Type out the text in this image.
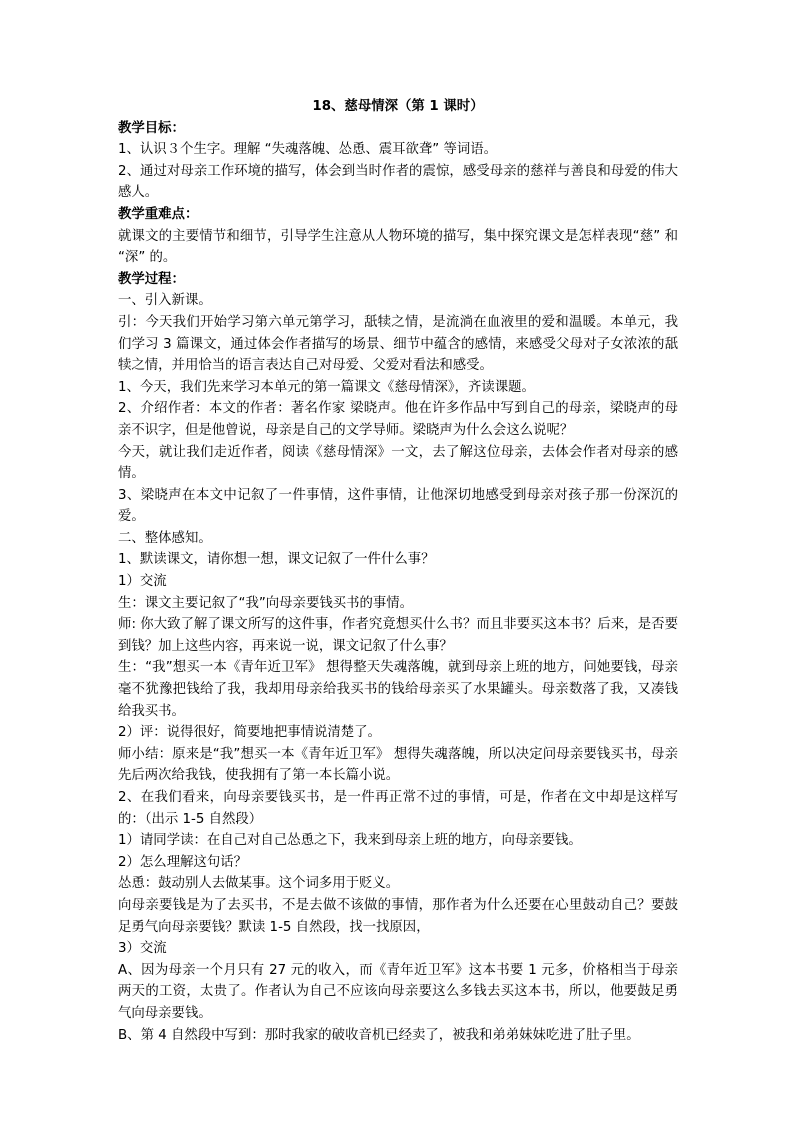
18、慈母情深（第 1 课时）

教学目标：

1、认识３个生字。理解 “失魂落魄、怂恿、震耳欲聋” 等词语。

2、通过对母亲工作环境的描写，体会到当时作者的震惊，感受母亲的慈祥与善良和母爱的伟大感人。

教学重难点：

就课文的主要情节和细节，引导学生注意从人物环境的描写，集中探究课文是怎样表现“慈” 和 “深” 的。

教学过程：

一、引入新课。

引：今天我们开始学习第六单元第学习，舐犊之情，是流淌在血液里的爱和温暖。本单元，我们学习 3 篇课文，通过体会作者描写的场景、细节中蕴含的感情，来感受父母对子女浓浓的舐犊之情，并用恰当的语言表达自己对母爱、父爱对看法和感受。

1、今天，我们先来学习本单元的第一篇课文《慈母情深》，齐读课题。

2、介绍作者：本文的作者：著名作家 梁晓声。他在许多作品中写到自己的母亲，梁晓声的母亲不识字，但是他曾说，母亲是自己的文学导师。梁晓声为什么会这么说呢？

今天，就让我们走近作者，阅读《慈母情深》一文，去了解这位母亲，去体会作者对母亲的感情。

3、梁晓声在本文中记叙了一件事情，这件事情，让他深切地感受到母亲对孩子那一份深沉的爱。

二、整体感知。

1、默读课文，请你想一想，课文记叙了一件什么事？

1）交流

生：课文主要记叙了“我”向母亲要钱买书的事情。

师: 你大致了解了课文所写的这件事，作者究竟想买什么书？而且非要买这本书？后来，是否要到钱？加上这些内容，再来说一说，课文记叙了什么事？

生：“我”想买一本《青年近卫军》 想得整天失魂落魄，就到母亲上班的地方，问她要钱，母亲毫不犹豫把钱给了我，我却用母亲给我买书的钱给母亲买了水果罐头。母亲数落了我，又凑钱给我买书。

2）评：说得很好，简要地把事情说清楚了。

师小结：原来是“我”想买一本《青年近卫军》 想得失魂落魄，所以决定问母亲要钱买书，母亲先后两次给我钱，使我拥有了第一本长篇小说。

2、在我们看来，向母亲要钱买书，是一件再正常不过的事情，可是，作者在文中却是这样写的：（出示 1-5 自然段）

1）请同学读：在自己对自己怂恿之下，我来到母亲上班的地方，向母亲要钱。

2）怎么理解这句话？

怂恿：鼓动别人去做某事。这个词多用于贬义。

向母亲要钱是为了去买书，不是去做不该做的事情，那作者为什么还要在心里鼓动自己？要鼓足勇气向母亲要钱？默读 1-5 自然段，找一找原因，

3）交流

A、因为母亲一个月只有 27 元的收入，而《青年近卫军》这本书要 1 元多，价格相当于母亲两天的工资，太贵了。作者认为自己不应该向母亲要这么多钱去买这本书，所以，他要鼓足勇气向母亲要钱。

B、第 4 自然段中写到：那时我家的破收音机已经卖了，被我和弟弟妹妹吃进了肚子里。
